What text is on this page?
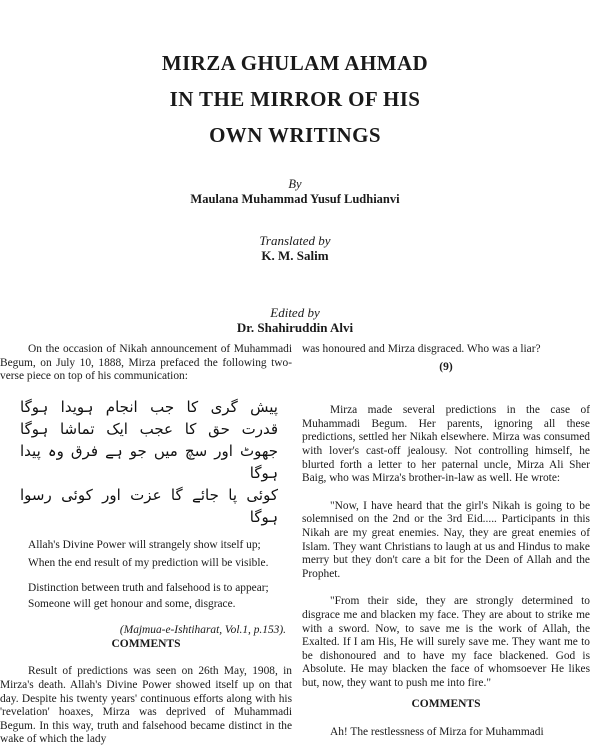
MIRZA GHULAM AHMAD
IN THE MIRROR OF HIS
OWN WRITINGS
By
Maulana Muhammad Yusuf Ludhianvi
Translated by
K. M. Salim
Edited by
Dr. Shahiruddin Alvi

On the occasion of Nikah announcement of Muhammadi Begum, on July 10, 1888, Mirza prefaced the following two-verse piece on top of his communication:

پیش گری کا جب انجام ہویدا ہوگا
قدرت حق کا عجب ایک تماشا ہوگا
جھوٹ اور سچ میں جو ہے فرق وہ پیدا ہوگا
کوئی پا جائے گا عزت اور کوئی رسوا ہوگا

Allah's Divine Power will strangely show itself up;

When the end result of my prediction will be visible.

Distinction between truth and falsehood is to appear;

Someone will get honour and some, disgrace.

(Majmua-e-Ishtiharat, Vol.1, p.153).

COMMENTS

Result of predictions was seen on 26th May, 1908, in Mirza's death. Allah's Divine Power showed itself up on that day. Despite his twenty years' continuous efforts along with his 'revelation' hoaxes, Mirza was deprived of Muhammadi Begum. In this way, truth and falsehood became distinct in the wake of which the lady

was honoured and Mirza disgraced. Who was a liar?

(9)

Mirza made several predictions in the case of Muhammadi Begum. Her parents, ignoring all these predictions, settled her Nikah elsewhere. Mirza was consumed with lover's cast-off jealousy. Not controlling himself, he blurted forth a letter to her paternal uncle, Mirza Ali Sher Baig, who was Mirza's brother-in-law as well. He wrote:

"Now, I have heard that the girl's Nikah is going to be solemnised on the 2nd or the 3rd Eid..... Participants in this Nikah are my great enemies. Nay, they are great enemies of Islam. They want Christians to laugh at us and Hindus to make merry but they don't care a bit for the Deen of Allah and the Prophet.

"From their side, they are strongly determined to disgrace me and blacken my face. They are about to strike me with a sword. Now, to save me is the work of Allah, the Exalted. If I am His, He will surely save me. They want me to be dishonoured and to have my face blackened. God is Absolute. He may blacken the face of whomsoever He likes but, now, they want to push me into fire."

COMMENTS

Ah! The restlessness of Mirza for Muhammadi
